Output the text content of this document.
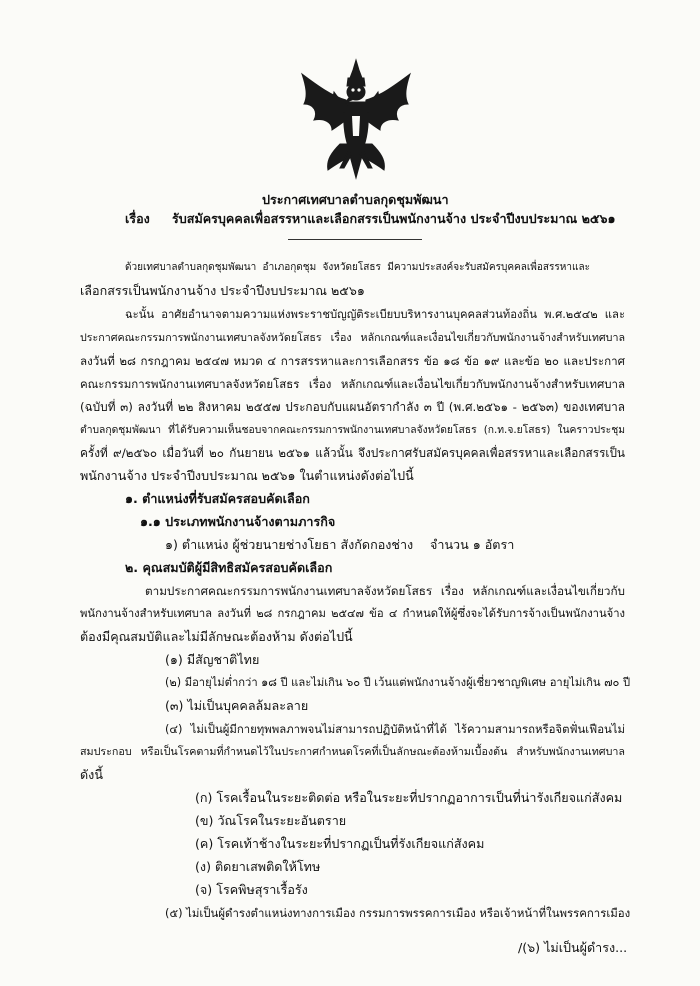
ประกาศเทศบาลตำบลกุดชุมพัฒนา
เรื่อง รับสมัครบุคคลเพื่อสรรหาและเลือกสรรเป็นพนักงานจ้าง ประจำปีงบประมาณ ๒๕๖๑
ด้วยเทศบาลตำบลกุดชุมพัฒนา อำเภอกุดชุม จังหวัดยโสธร มีความประสงค์จะรับสมัครบุคคลเพื่อสรรหาและ
เลือกสรรเป็นพนักงานจ้าง ประจำปีงบประมาณ ๒๕๖๑
ฉะนั้น อาศัยอำนาจตามความแห่งพระราชบัญญัติระเบียบบริหารงานบุคคลส่วนท้องถิ่น พ.ศ.๒๕๔๒ และ
ประกาศคณะกรรมการพนักงานเทศบาลจังหวัดยโสธร เรื่อง หลักเกณฑ์และเงื่อนไขเกี่ยวกับพนักงานจ้างสำหรับเทศบาล
ลงวันที่ ๒๘ กรกฎาคม ๒๕๔๗ หมวด ๔ การสรรหาและการเลือกสรร ข้อ ๑๘ ข้อ ๑๙ และข้อ ๒๐ และประกาศ
คณะกรรมการพนักงานเทศบาลจังหวัดยโสธร เรื่อง หลักเกณฑ์และเงื่อนไขเกี่ยวกับพนักงานจ้างสำหรับเทศบาล
(ฉบับที่ ๓) ลงวันที่ ๒๒ สิงหาคม ๒๕๕๗ ประกอบกับแผนอัตรากำลัง ๓ ปี (พ.ศ.๒๕๖๑ - ๒๕๖๓) ของเทศบาล
ตำบลกุดชุมพัฒนา ที่ได้รับความเห็นชอบจากคณะกรรมการพนักงานเทศบาลจังหวัดยโสธร (ก.ท.จ.ยโสธร) ในคราวประชุม
ครั้งที่ ๙/๒๕๖๐ เมื่อวันที่ ๒๐ กันยายน ๒๕๖๑ แล้วนั้น จึงประกาศรับสมัครบุคคลเพื่อสรรหาและเลือกสรรเป็น
พนักงานจ้าง ประจำปีงบประมาณ ๒๕๖๑ ในตำแหน่งดังต่อไปนี้
๑. ตำแหน่งที่รับสมัครสอบคัดเลือก
๑.๑ ประเภทพนักงานจ้างตามภารกิจ
๑) ตำแหน่ง ผู้ช่วยนายช่างโยธา สังกัดกองช่าง จำนวน ๑ อัตรา
๒. คุณสมบัติผู้มีสิทธิสมัครสอบคัดเลือก
ตามประกาศคณะกรรมการพนักงานเทศบาลจังหวัดยโสธร เรื่อง หลักเกณฑ์และเงื่อนไขเกี่ยวกับ
พนักงานจ้างสำหรับเทศบาล ลงวันที่ ๒๘ กรกฎาคม ๒๕๔๗ ข้อ ๔ กำหนดให้ผู้ซึ่งจะได้รับการจ้างเป็นพนักงานจ้าง
ต้องมีคุณสมบัติและไม่มีลักษณะต้องห้าม ดังต่อไปนี้
(๑) มีสัญชาติไทย
(๒) มีอายุไม่ต่ำกว่า ๑๘ ปี และไม่เกิน ๖๐ ปี เว้นแต่พนักงานจ้างผู้เชี่ยวชาญพิเศษ อายุไม่เกิน ๗๐ ปี
(๓) ไม่เป็นบุคคลล้มละลาย
(๔) ไม่เป็นผู้มีกายทุพพลภาพจนไม่สามารถปฏิบัติหน้าที่ได้ ไร้ความสามารถหรือจิตฟั่นเฟือนไม่
สมประกอบ หรือเป็นโรคตามที่กำหนดไว้ในประกาศกำหนดโรคที่เป็นลักษณะต้องห้ามเบื้องต้น สำหรับพนักงานเทศบาล
ดังนี้
(ก) โรคเรื้อนในระยะติดต่อ หรือในระยะที่ปรากฏอาการเป็นที่น่ารังเกียจแก่สังคม
(ข) วัณโรคในระยะอันตราย
(ค) โรคเท้าช้างในระยะที่ปรากฏเป็นที่รังเกียจแก่สังคม
(ง) ติดยาเสพติดให้โทษ
(จ) โรคพิษสุราเรื้อรัง
(๕) ไม่เป็นผู้ดำรงตำแหน่งทางการเมือง กรรมการพรรคการเมือง หรือเจ้าหน้าที่ในพรรคการเมือง
/(๖) ไม่เป็นผู้ดำรง...
